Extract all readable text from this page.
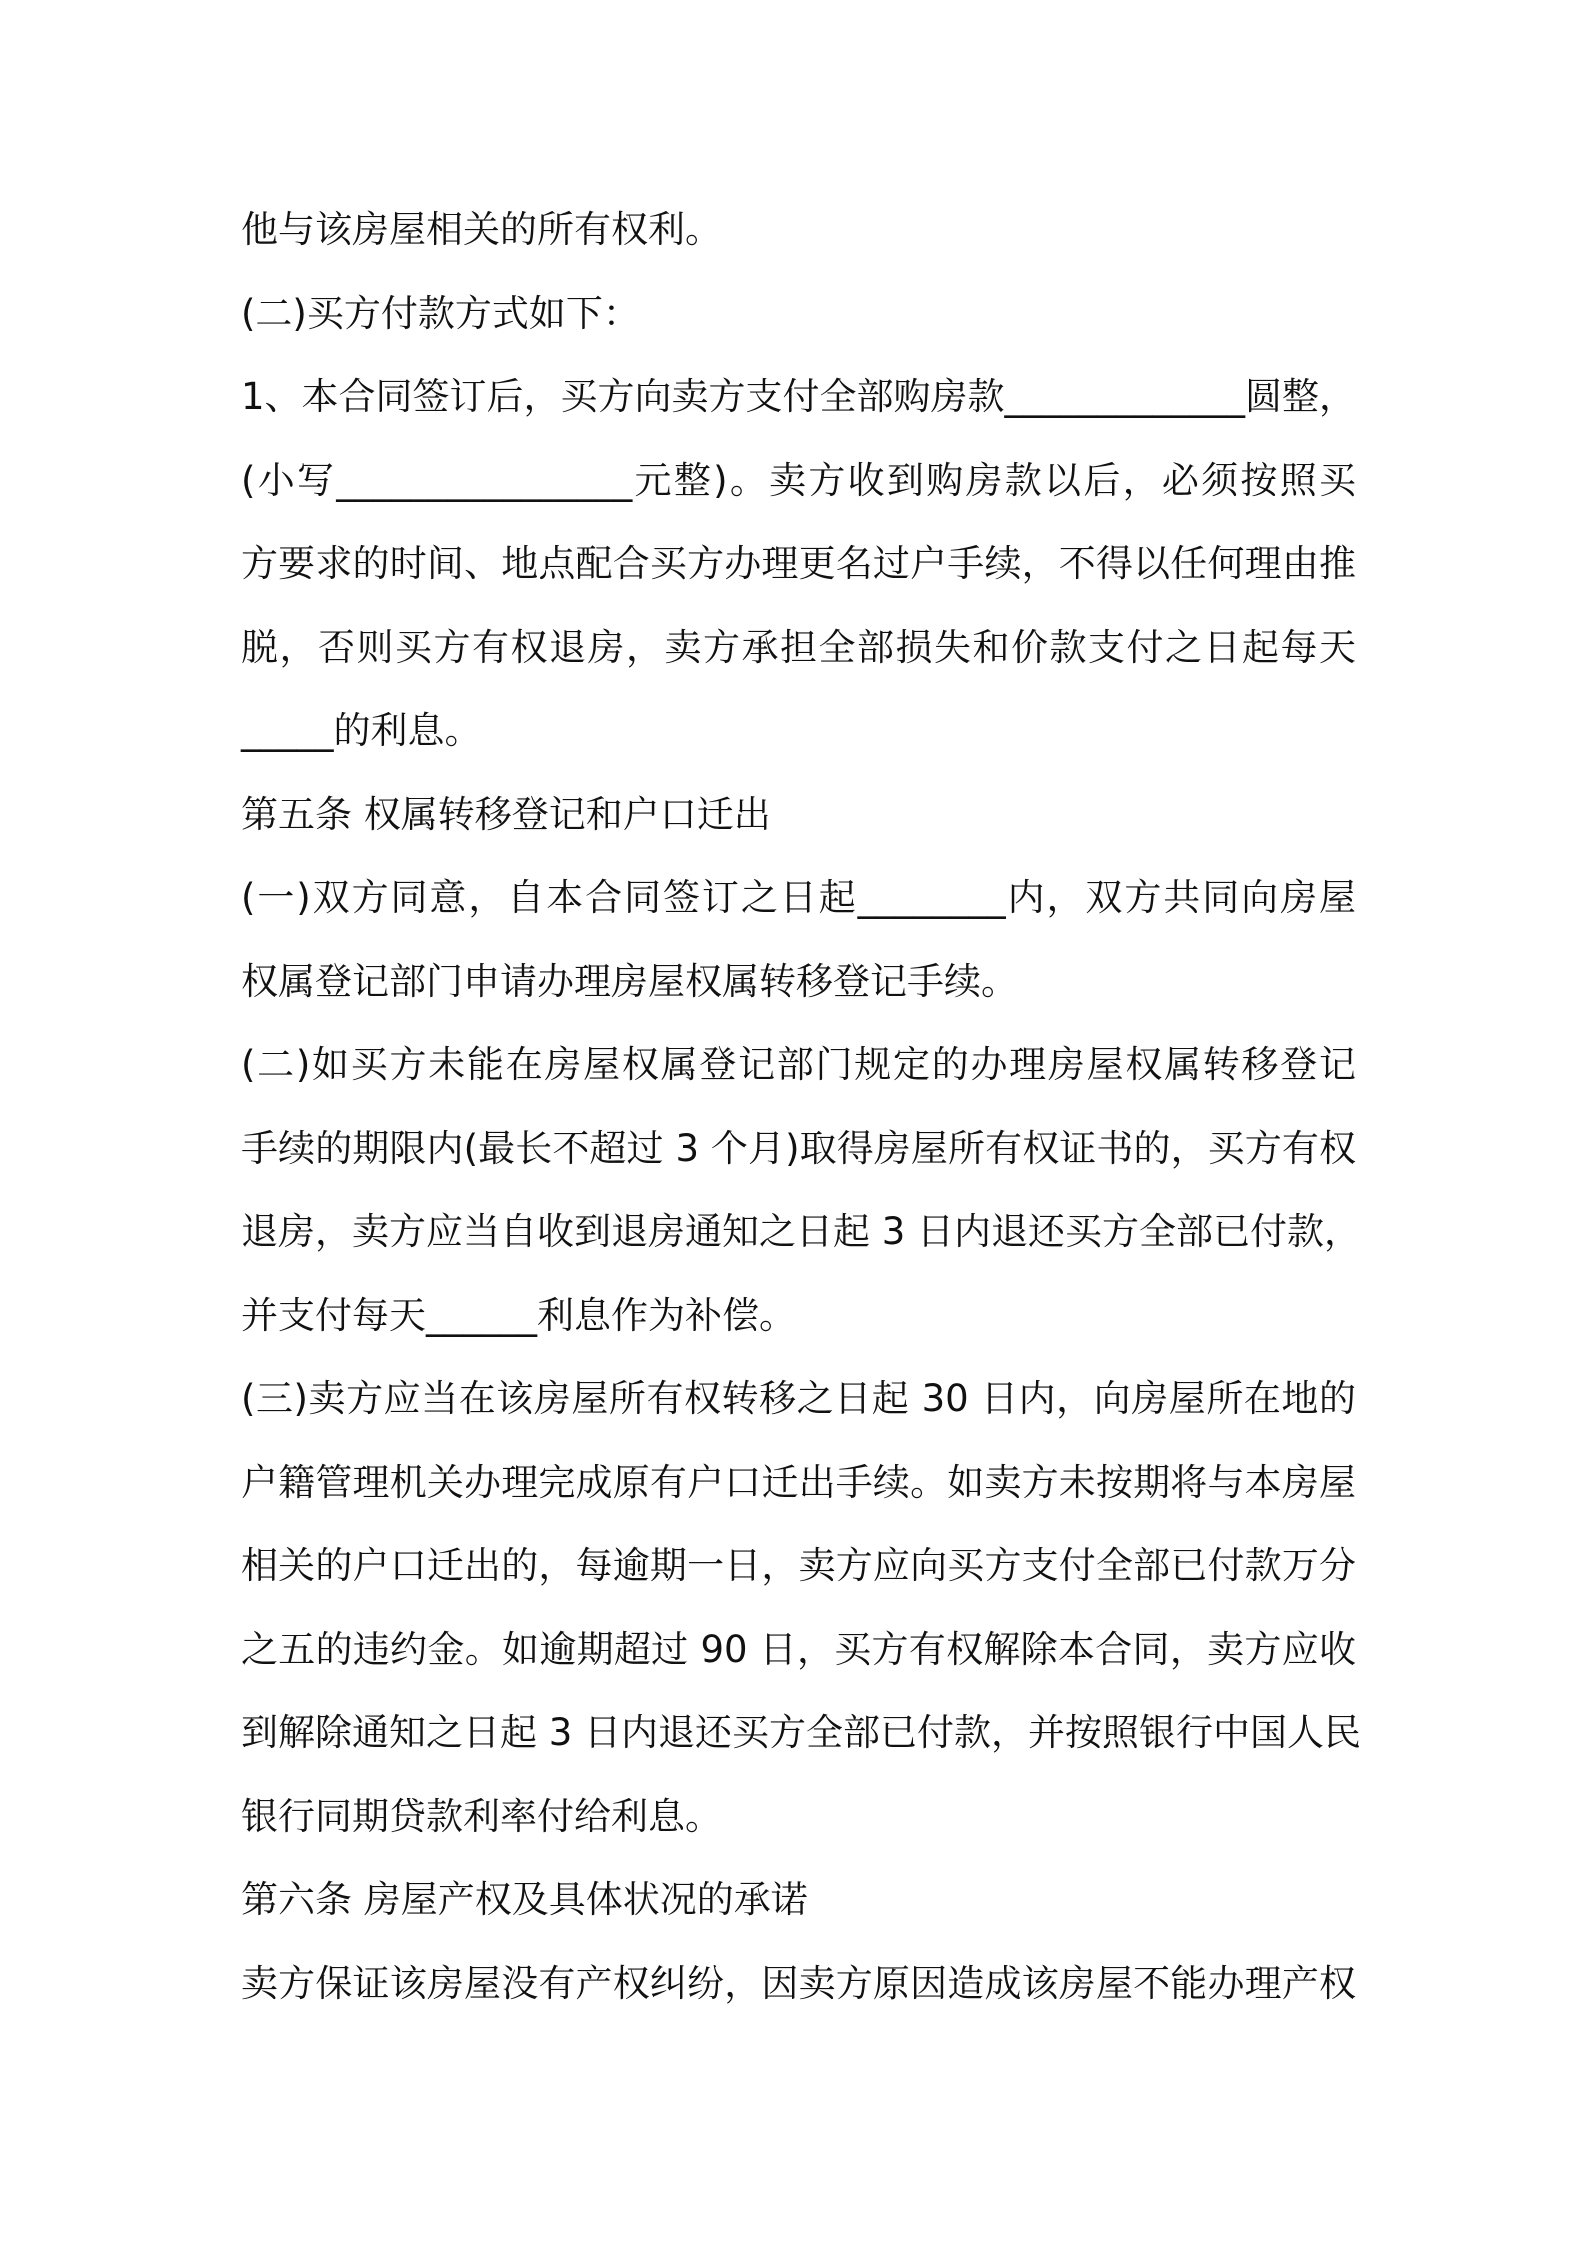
他与该房屋相关的所有权利。
(二)买方付款方式如下：
1、本合同签订后，买方向卖方支付全部购房款_____________圆整，
(小写________________元整)。卖方收到购房款以后，必须按照买
方要求的时间、地点配合买方办理更名过户手续，不得以任何理由推
脱，否则买方有权退房，卖方承担全部损失和价款支付之日起每天
_____的利息。
第五条 权属转移登记和户口迁出
(一)双方同意，自本合同签订之日起________内，双方共同向房屋
权属登记部门申请办理房屋权属转移登记手续。
(二)如买方未能在房屋权属登记部门规定的办理房屋权属转移登记
手续的期限内(最长不超过 3 个月)取得房屋所有权证书的，买方有权
退房，卖方应当自收到退房通知之日起 3 日内退还买方全部已付款，
并支付每天______利息作为补偿。
(三)卖方应当在该房屋所有权转移之日起 30 日内，向房屋所在地的
户籍管理机关办理完成原有户口迁出手续。如卖方未按期将与本房屋
相关的户口迁出的，每逾期一日，卖方应向买方支付全部已付款万分
之五的违约金。如逾期超过 90 日，买方有权解除本合同，卖方应收
到解除通知之日起 3 日内退还买方全部已付款，并按照银行中国人民
银行同期贷款利率付给利息。
第六条 房屋产权及具体状况的承诺
卖方保证该房屋没有产权纠纷，因卖方原因造成该房屋不能办理产权
